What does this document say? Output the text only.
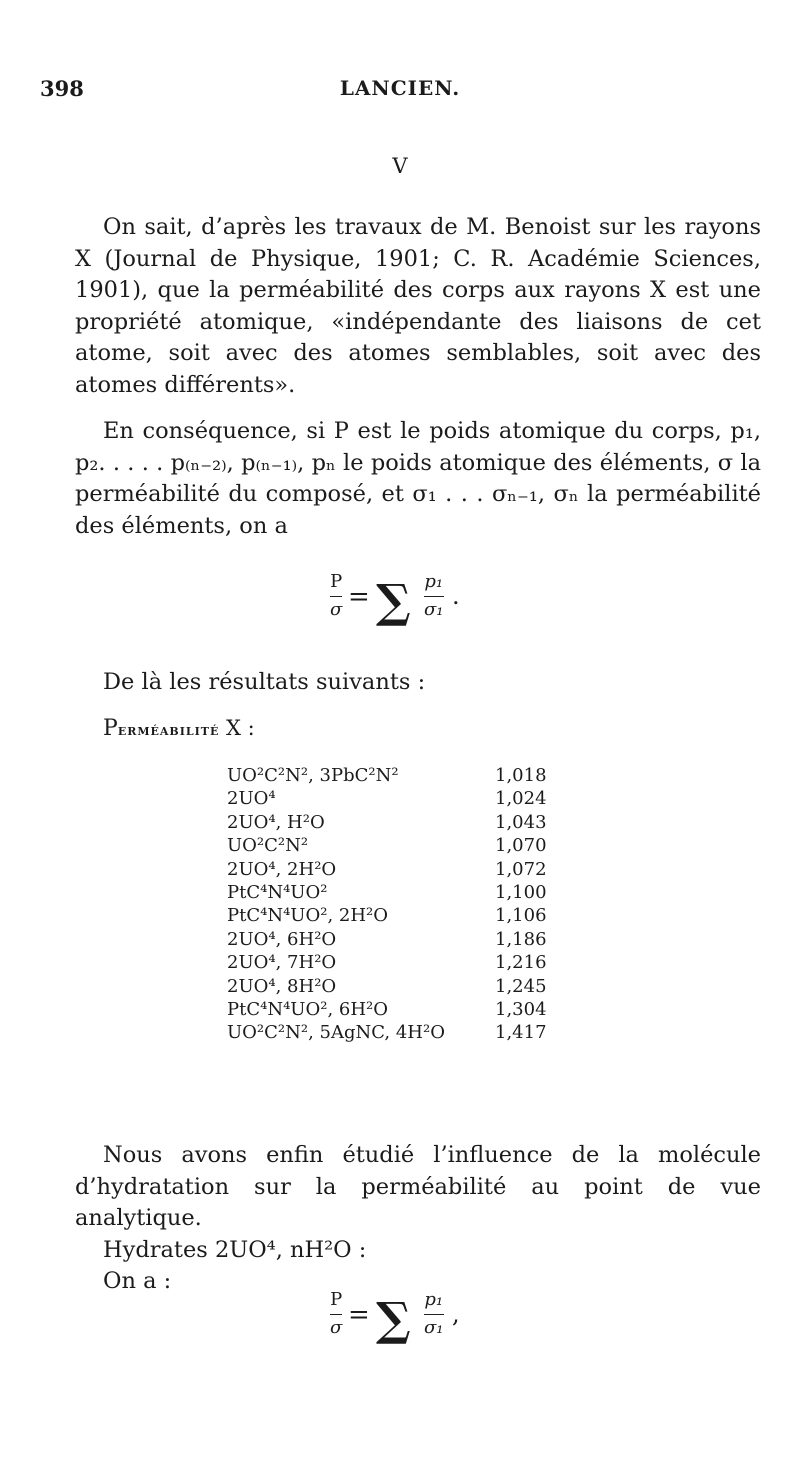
398	LANCIEN.
V
On sait, d’après les travaux de M. Benoist sur les rayons X (Journal de Physique, 1901; C. R. Académie Sciences, 1901), que la perméabilité des corps aux rayons X est une propriété atomique, «indépendante des liaisons de cet atome, soit avec des atomes semblables, soit avec des atomes différents».
En conséquence, si P est le poids atomique du corps, p₁, p₂. . . . . p₍ₙ₋₂₎, p₍ₙ₋₁₎, pₙ le poids atomique des éléments, σ la perméabilité du composé, et σ₁ . . . σₙ₋₁, σₙ la perméabilité des éléments, on a
P
σ = ∑ p₁
σ₁ .
De là les résultats suivants :
Perméabilité X :
UO²C²N², 3PbC²N²	1,018
2UO⁴	1,024
2UO⁴, H²O	1,043
UO²C²N²	1,070
2UO⁴, 2H²O	1,072
PtC⁴N⁴UO²	1,100
PtC⁴N⁴UO², 2H²O	1,106
2UO⁴, 6H²O	1,186
2UO⁴, 7H²O	1,216
2UO⁴, 8H²O	1,245
PtC⁴N⁴UO², 6H²O	1,304
UO²C²N², 5AgNC, 4H²O	1,417
Nous avons enfin étudié l’influence de la molécule d’hydratation sur la perméabilité au point de vue analytique.
Hydrates 2UO⁴, nH²O :
On a :
P
σ = ∑ p₁
σ₁ ,
